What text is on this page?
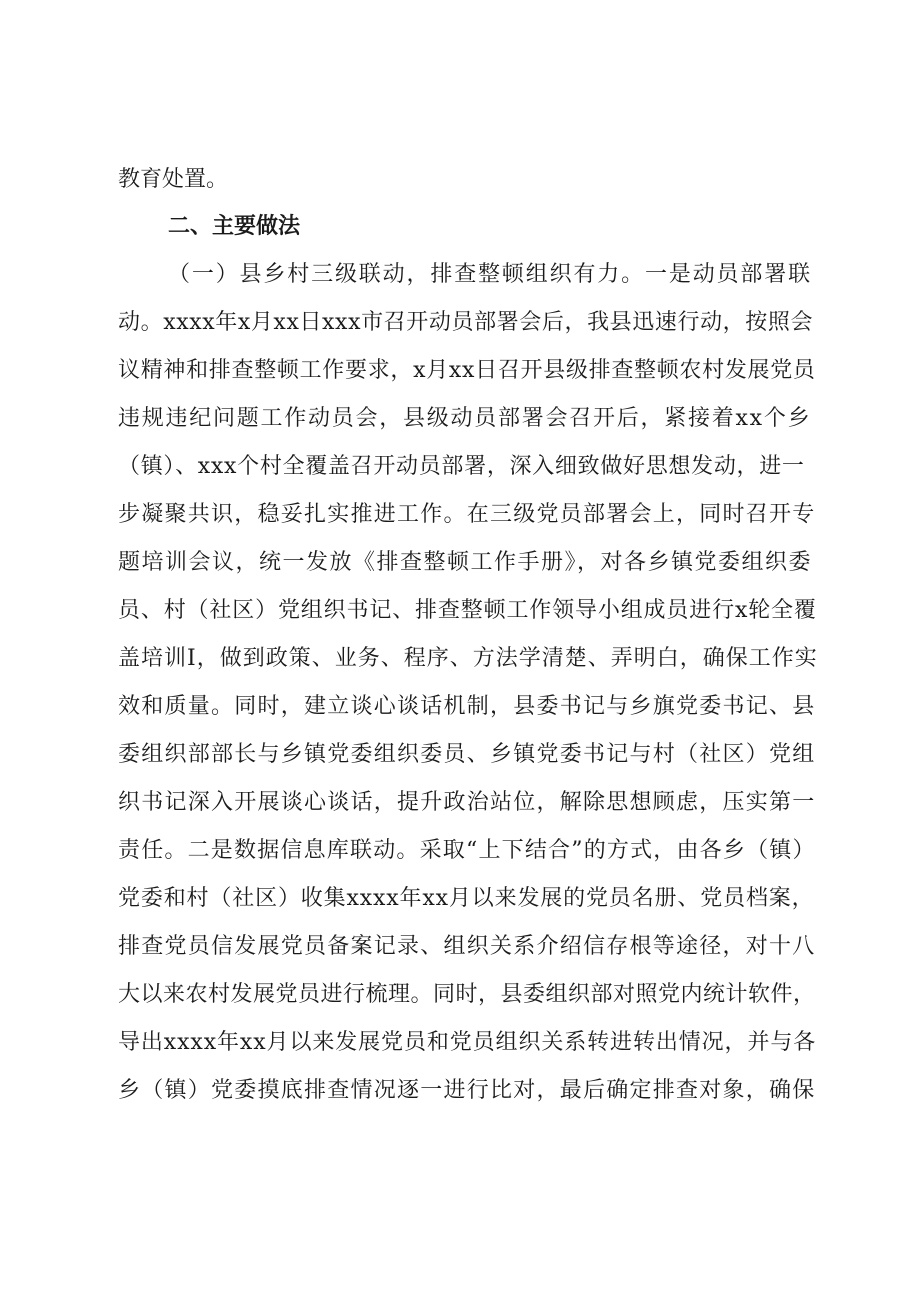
教育处置。
二、主要做法
（一）县乡村三级联动，排查整顿组织有力。一是动员部署联
动。xxxx年x月xx日xxx市召开动员部署会后，我县迅速行动，按照会
议精神和排查整顿工作要求，x月xx日召开县级排查整顿农村发展党员
违规违纪问题工作动员会，县级动员部署会召开后，紧接着xx个乡
（镇）、xxx个村全覆盖召开动员部署，深入细致做好思想发动，进一
步凝聚共识，稳妥扎实推进工作。在三级党员部署会上，同时召开专
题培训会议，统一发放《排查整顿工作手册》，对各乡镇党委组织委
员、村（社区）党组织书记、排查整顿工作领导小组成员进行x轮全覆
盖培训I，做到政策、业务、程序、方法学清楚、弄明白，确保工作实
效和质量。同时，建立谈心谈话机制，县委书记与乡旗党委书记、县
委组织部部长与乡镇党委组织委员、乡镇党委书记与村（社区）党组
织书记深入开展谈心谈话，提升政治站位，解除思想顾虑，压实第一
责任。二是数据信息库联动。采取“上下结合”的方式，由各乡（镇）
党委和村（社区）收集xxxx年xx月以来发展的党员名册、党员档案，
排查党员信发展党员备案记录、组织关系介绍信存根等途径，对十八
大以来农村发展党员进行梳理。同时，县委组织部对照党内统计软件，
导出xxxx年xx月以来发展党员和党员组织关系转进转出情况，并与各
乡（镇）党委摸底排查情况逐一进行比对，最后确定排查对象，确保
